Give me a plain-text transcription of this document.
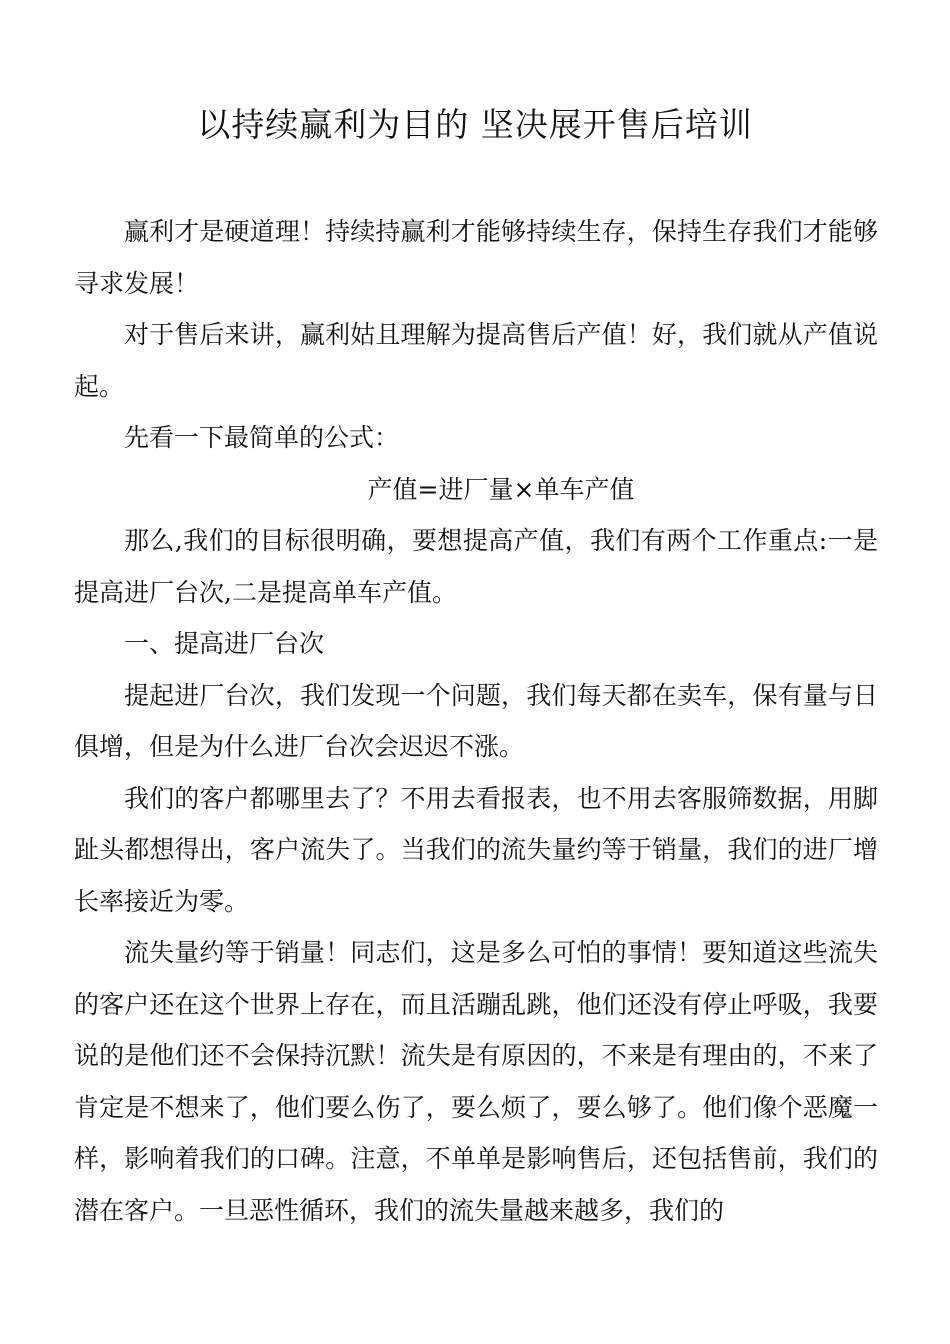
以持续赢利为目的 坚决展开售后培训

赢利才是硬道理！持续持赢利才能够持续生存，保持生存我们才能够寻求发展！

对于售后来讲，赢利姑且理解为提高售后产值！好，我们就从产值说起。

先看一下最简单的公式：

产值=进厂量×单车产值

那么,我们的目标很明确，要想提高产值，我们有两个工作重点:一是提高进厂台次,二是提高单车产值。

一、提高进厂台次

提起进厂台次，我们发现一个问题，我们每天都在卖车，保有量与日俱增，但是为什么进厂台次会迟迟不涨。

我们的客户都哪里去了？不用去看报表，也不用去客服筛数据，用脚趾头都想得出，客户流失了。当我们的流失量约等于销量，我们的进厂增长率接近为零。

流失量约等于销量！同志们，这是多么可怕的事情！要知道这些流失的客户还在这个世界上存在，而且活蹦乱跳，他们还没有停止呼吸，我要说的是他们还不会保持沉默！流失是有原因的，不来是有理由的，不来了肯定是不想来了，他们要么伤了，要么烦了，要么够了。他们像个恶魔一样，影响着我们的口碑。注意，不单单是影响售后，还包括售前，我们的潜在客户。一旦恶性循环，我们的流失量越来越多，我们的
